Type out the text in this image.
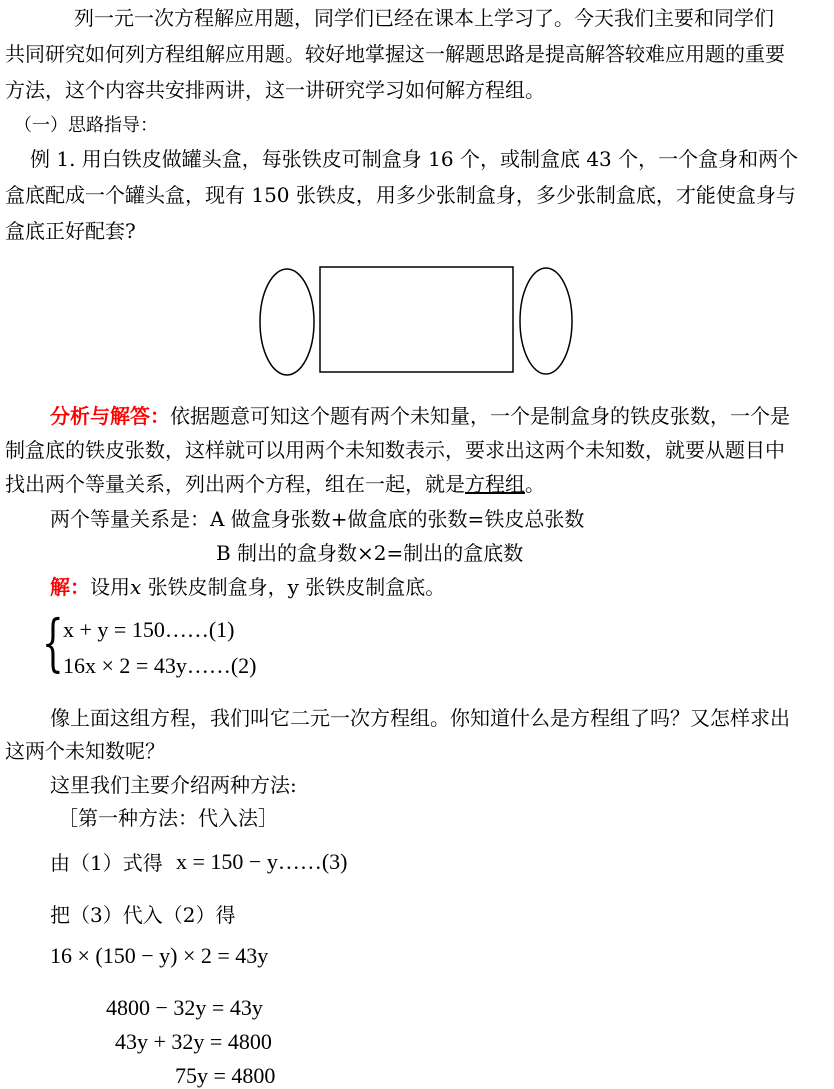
列一元一次方程解应用题，同学们已经在课本上学习了。今天我们主要和同学们
共同研究如何列方程组解应用题。较好地掌握这一解题思路是提高解答较难应用题的重要
方法，这个内容共安排两讲，这一讲研究学习如何解方程组。
（一）思路指导：
例 1. 用白铁皮做罐头盒，每张铁皮可制盒身 16 个，或制盒底 43 个，一个盒身和两个
盒底配成一个罐头盒，现有 150 张铁皮，用多少张制盒身，多少张制盒底，才能使盒身与
盒底正好配套?
分析与解答：依据题意可知这个题有两个未知量，一个是制盒身的铁皮张数，一个是
制盒底的铁皮张数，这样就可以用两个未知数表示，要求出这两个未知数，就要从题目中
找出两个等量关系，列出两个方程，组在一起，就是方程组。
两个等量关系是：A 做盒身张数+做盒底的张数=铁皮总张数
B 制出的盒身数×2=制出的盒底数
解：设用x 张铁皮制盒身，y 张铁皮制盒底。
{ x + y = 150……(1)
16x × 2 = 43y……(2)
像上面这组方程，我们叫它二元一次方程组。你知道什么是方程组了吗？又怎样求出
这两个未知数呢？
这里我们主要介绍两种方法:
［第一种方法：代入法］
由（1）式得 x = 150 − y……(3)
把（3）代入（2）得
16 × (150 − y) × 2 = 43y
4800 − 32y = 43y
43y + 32y = 4800
75y = 4800
